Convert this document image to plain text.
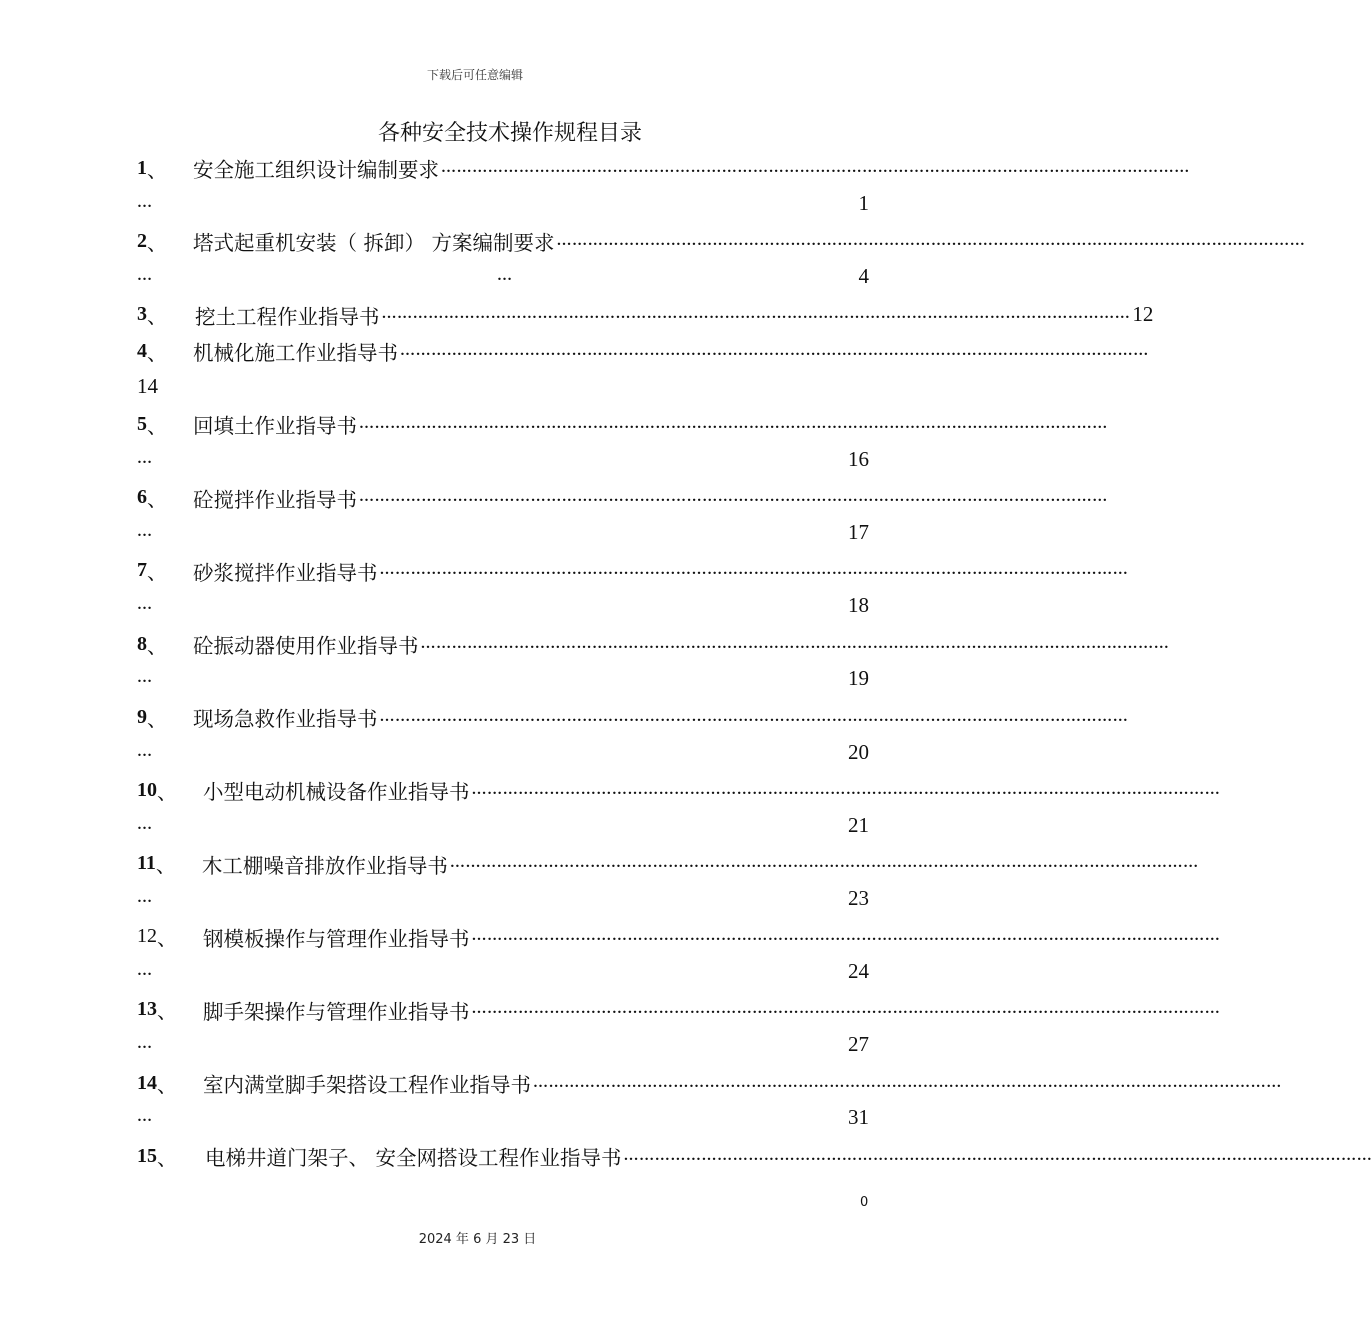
下载后可任意编辑
各种安全技术操作规程目录
1 、 安全施工组织设计编制要求 ………………………………………………………………………………………………………………………………
…	1
2 、 塔式起重机安装（ 拆卸） 方案编制要求 ………………………………………………………………………………………………………………………………
…	…	4
3 、 挖土工程作业指导书 ……………………………………………………………………………………………………………………………… 12
4 、 机械化施工作业指导书 ………………………………………………………………………………………………………………………………
14
5 、 回填土作业指导书 ………………………………………………………………………………………………………………………………
…	16
6 、 砼搅拌作业指导书 ………………………………………………………………………………………………………………………………
…	17
7 、 砂浆搅拌作业指导书 ………………………………………………………………………………………………………………………………
…	18
8 、 砼振动器使用作业指导书 ………………………………………………………………………………………………………………………………
…	19
9 、 现场急救作业指导书 ………………………………………………………………………………………………………………………………
…	20
10 、 小型电动机械设备作业指导书 ………………………………………………………………………………………………………………………………
…	21
11 、 木工棚噪音排放作业指导书 ………………………………………………………………………………………………………………………………
…	23
12 、 钢模板操作与管理作业指导书 ………………………………………………………………………………………………………………………………
…	24
13 、 脚手架操作与管理作业指导书 ………………………………………………………………………………………………………………………………
…	27
14 、 室内满堂脚手架搭设工程作业指导书 ………………………………………………………………………………………………………………………………
…	31
15 、 电梯井道门架子、 安全网搭设工程作业指导书 ………………………………………………………………………………………………………………………………
0
2024 年 6 月 23 日
